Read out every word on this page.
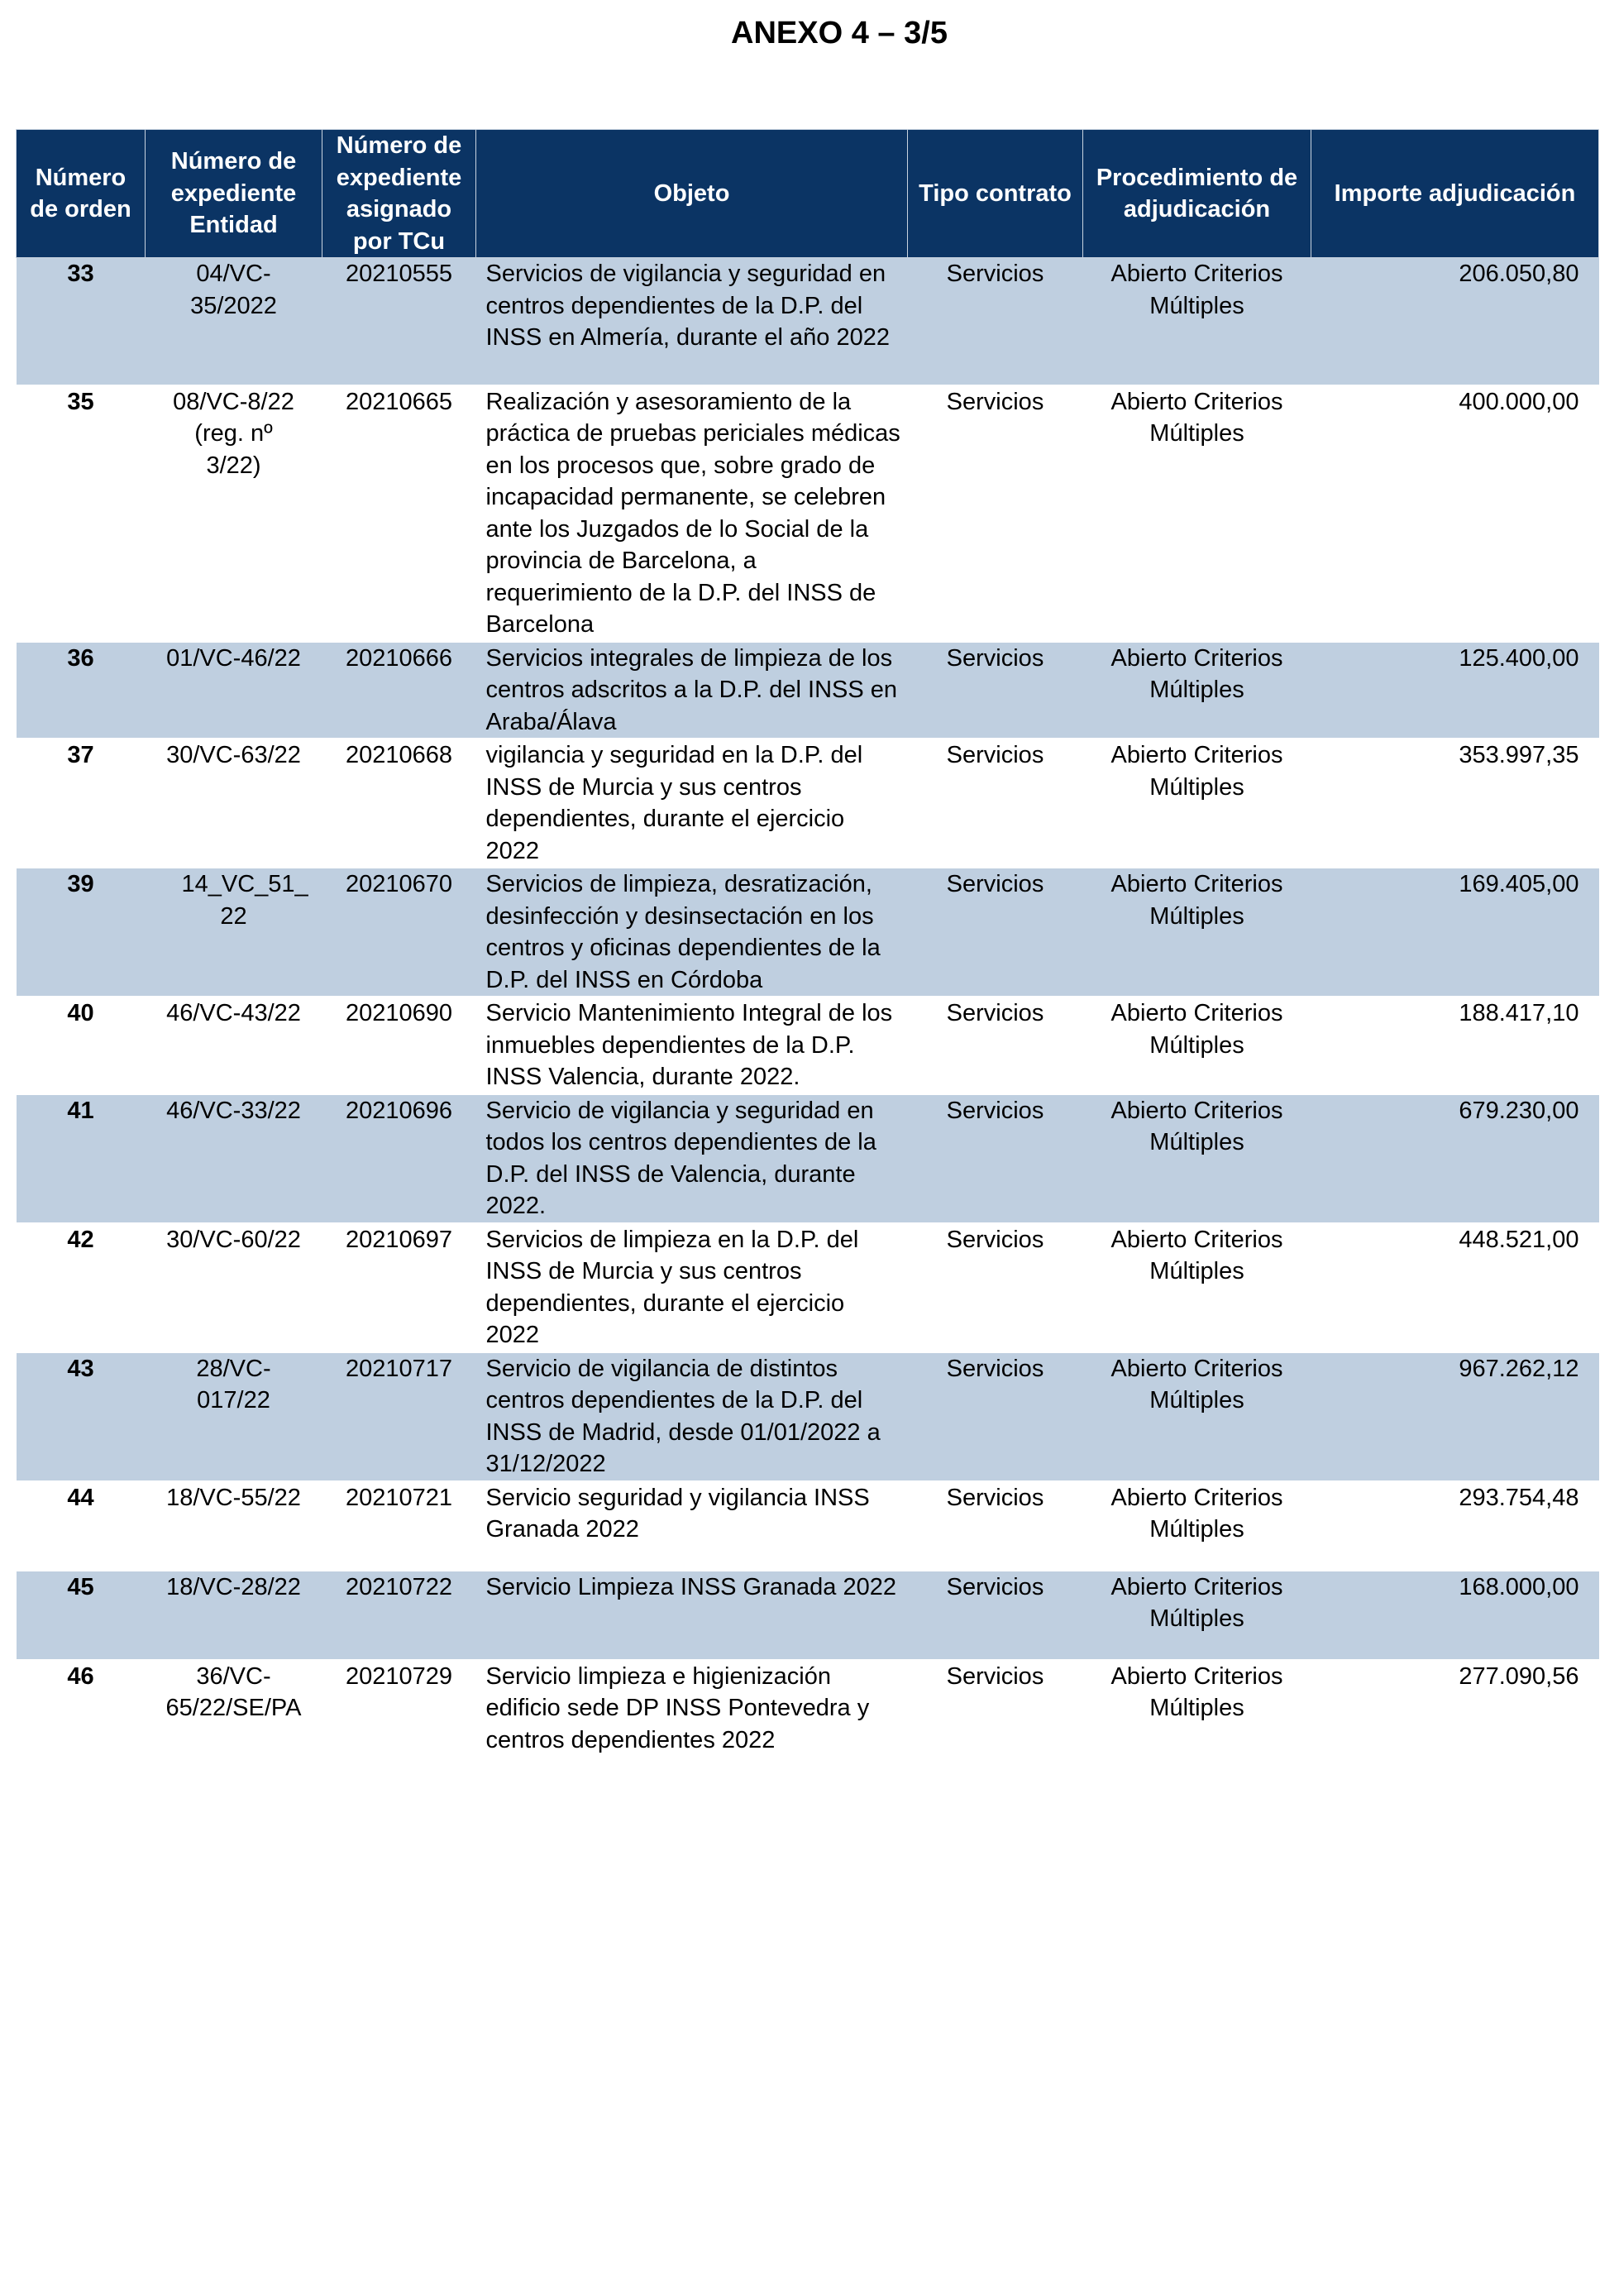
ANEXO 4 – 3/5
Número de orden	Número de expediente Entidad	Número de expediente asignado por TCu	Objeto	Tipo contrato	Procedimiento de adjudicación	Importe adjudicación
33	04/VC-35/2022	20210555	Servicios de vigilancia y seguridad en centros dependientes de la D.P. del INSS en Almería, durante el año 2022	Servicios	Abierto Criterios Múltiples	206.050,80
35	08/VC-8/22 (reg. nº 3/22)	20210665	Realización y asesoramiento de la práctica de pruebas periciales médicas en los procesos que, sobre grado de incapacidad permanente, se celebren ante los Juzgados de lo Social de la provincia de Barcelona, a requerimiento de la D.P. del INSS de Barcelona	Servicios	Abierto Criterios Múltiples	400.000,00
36	01/VC-46/22	20210666	Servicios integrales de limpieza de los centros adscritos a la D.P. del INSS en Araba/Álava	Servicios	Abierto Criterios Múltiples	125.400,00
37	30/VC-63/22	20210668	vigilancia y seguridad en la D.P. del INSS de Murcia y sus centros dependientes, durante el ejercicio 2022	Servicios	Abierto Criterios Múltiples	353.997,35
39	14_VC_51_ 22	20210670	Servicios de limpieza, desratización, desinfección y desinsectación en los centros y oficinas dependientes de la D.P. del INSS en Córdoba	Servicios	Abierto Criterios Múltiples	169.405,00
40	46/VC-43/22	20210690	Servicio Mantenimiento Integral de los inmuebles dependientes de la D.P. INSS Valencia, durante 2022.	Servicios	Abierto Criterios Múltiples	188.417,10
41	46/VC-33/22	20210696	Servicio de vigilancia y seguridad en todos los centros dependientes de la D.P. del INSS de Valencia, durante 2022.	Servicios	Abierto Criterios Múltiples	679.230,00
42	30/VC-60/22	20210697	Servicios de limpieza en la D.P. del INSS de Murcia y sus centros dependientes, durante el ejercicio 2022	Servicios	Abierto Criterios Múltiples	448.521,00
43	28/VC-017/22	20210717	Servicio de vigilancia de distintos centros dependientes de la D.P. del INSS de Madrid, desde 01/01/2022 a 31/12/2022	Servicios	Abierto Criterios Múltiples	967.262,12
44	18/VC-55/22	20210721	Servicio seguridad y vigilancia INSS Granada 2022	Servicios	Abierto Criterios Múltiples	293.754,48
45	18/VC-28/22	20210722	Servicio Limpieza INSS Granada 2022	Servicios	Abierto Criterios Múltiples	168.000,00
46	36/VC-65/22/SE/PA	20210729	Servicio limpieza e higienización edificio sede DP INSS Pontevedra y centros dependientes 2022	Servicios	Abierto Criterios Múltiples	277.090,56
